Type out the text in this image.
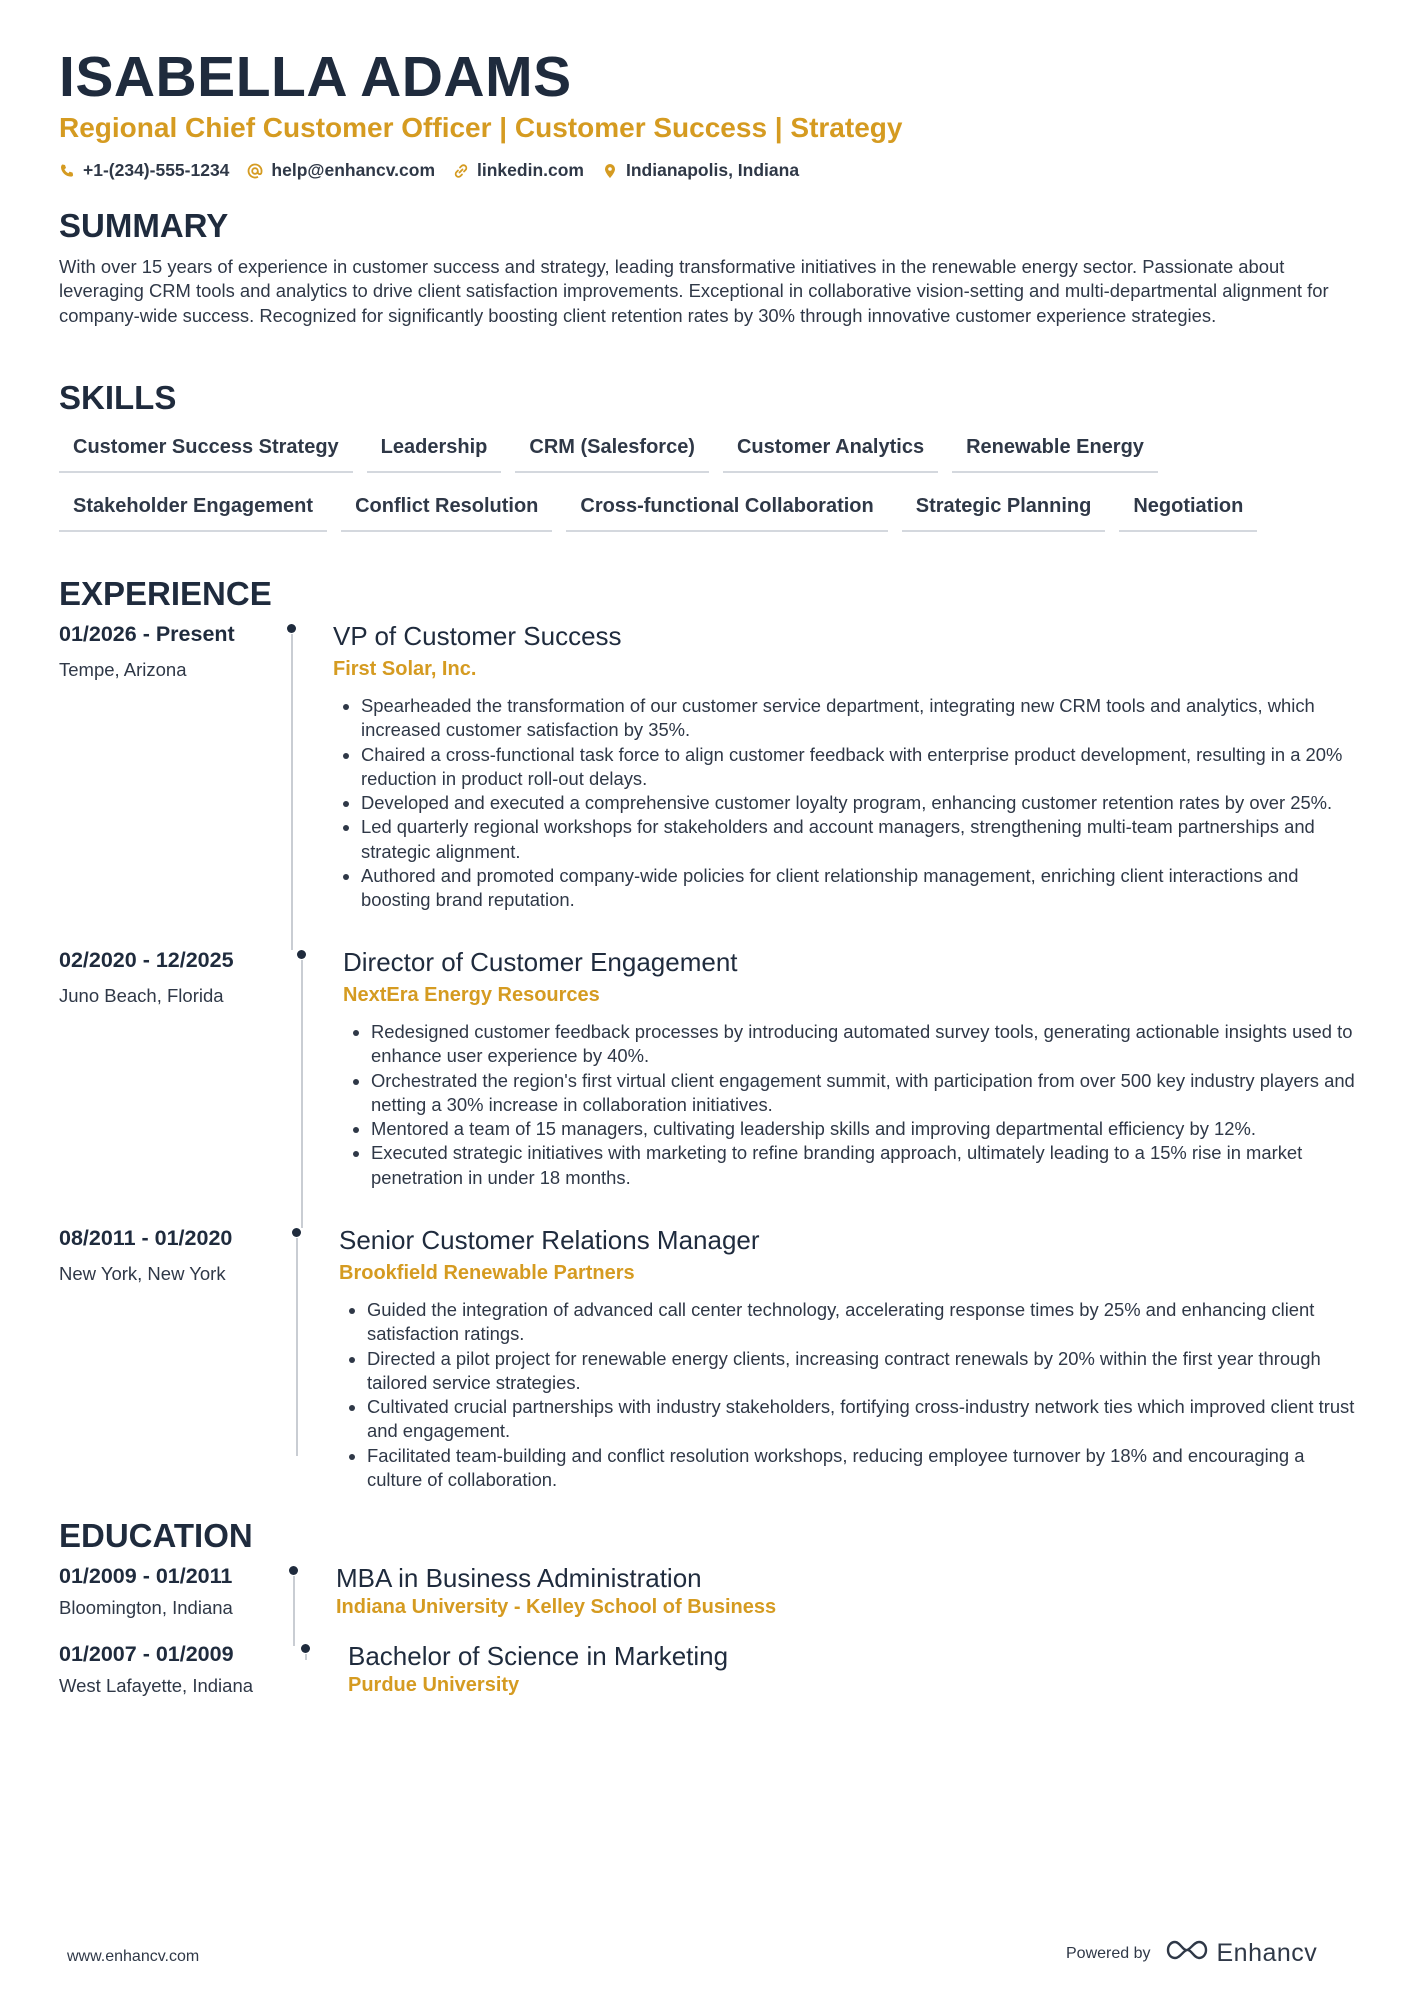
ISABELLA ADAMS
Regional Chief Customer Officer | Customer Success | Strategy
+1-(234)-555-1234 help@enhancv.com linkedin.com Indianapolis, Indiana
SUMMARY

With over 15 years of experience in customer success and strategy, leading transformative initiatives in the renewable energy sector. Passionate about leveraging CRM tools and analytics to drive client satisfaction improvements. Exceptional in collaborative vision-setting and multi-departmental alignment for company-wide success. Recognized for significantly boosting client retention rates by 30% through innovative customer experience strategies.

SKILLS
Customer Success Strategy	Leadership	CRM (Salesforce)	Customer Analytics	Renewable Energy
Stakeholder Engagement	Conflict Resolution	Cross-functional Collaboration	Strategic Planning	Negotiation
EXPERIENCE
01/2026 - Present
Tempe, Arizona
VP of Customer Success
First Solar, Inc.
• Spearheaded the transformation of our customer service department, integrating new CRM tools and analytics, which increased customer satisfaction by 35%.
• Chaired a cross-functional task force to align customer feedback with enterprise product development, resulting in a 20% reduction in product roll-out delays.
• Developed and executed a comprehensive customer loyalty program, enhancing customer retention rates by over 25%.
• Led quarterly regional workshops for stakeholders and account managers, strengthening multi-team partnerships and strategic alignment.
• Authored and promoted company-wide policies for client relationship management, enriching client interactions and boosting brand reputation.
02/2020 - 12/2025
Juno Beach, Florida
Director of Customer Engagement
NextEra Energy Resources
• Redesigned customer feedback processes by introducing automated survey tools, generating actionable insights used to enhance user experience by 40%.
• Orchestrated the region's first virtual client engagement summit, with participation from over 500 key industry players and netting a 30% increase in collaboration initiatives.
• Mentored a team of 15 managers, cultivating leadership skills and improving departmental efficiency by 12%.
• Executed strategic initiatives with marketing to refine branding approach, ultimately leading to a 15% rise in market penetration in under 18 months.
08/2011 - 01/2020
New York, New York
Senior Customer Relations Manager
Brookfield Renewable Partners
• Guided the integration of advanced call center technology, accelerating response times by 25% and enhancing client satisfaction ratings.
• Directed a pilot project for renewable energy clients, increasing contract renewals by 20% within the first year through tailored service strategies.
• Cultivated crucial partnerships with industry stakeholders, fortifying cross-industry network ties which improved client trust and engagement.
• Facilitated team-building and conflict resolution workshops, reducing employee turnover by 18% and encouraging a culture of collaboration.
EDUCATION
01/2009 - 01/2011
Bloomington, Indiana
MBA in Business Administration
Indiana University - Kelley School of Business
01/2007 - 01/2009
West Lafayette, Indiana
Bachelor of Science in Marketing
Purdue University
www.enhancv.com	Powered by	Enhancv
